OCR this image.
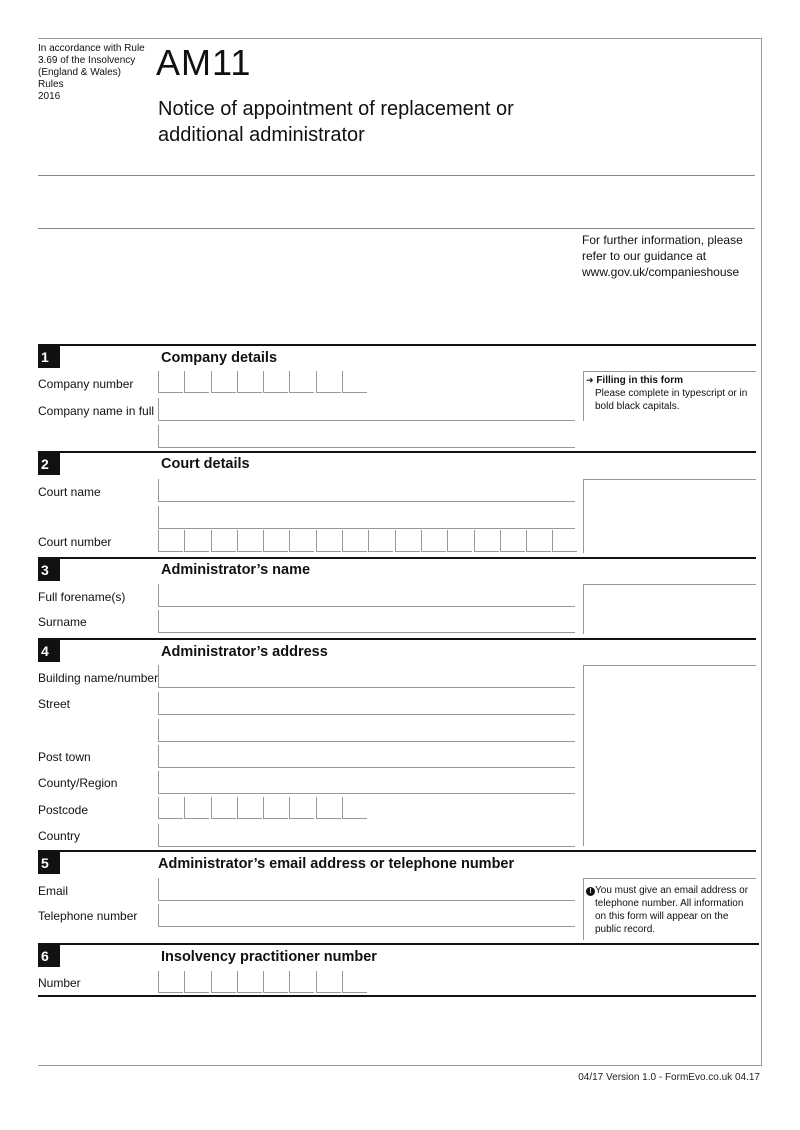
In accordance with Rule
3.69 of the Insolvency
(England & Wales) Rules
2016
AM11
Notice of appointment of replacement or
additional administrator
For further information, please
refer to our guidance at
www.gov.uk/companieshouse
1	Company details
Company number
Company name in full
➜ Filling in this form
Please complete in typescript or in
bold black capitals.
2	Court details
Court name
Court number
3	Administrator’s name
Full forename(s)
Surname
4	Administrator’s address
Building name/number
Street
Post town
County/Region
Postcode
Country
5	Administrator’s email address or telephone number
Email
Telephone number
! You must give an email address or
telephone number. All information
on this form will appear on the
public record.
6	Insolvency practitioner number
Number
04/17 Version 1.0 - FormEvo.co.uk 04.17
